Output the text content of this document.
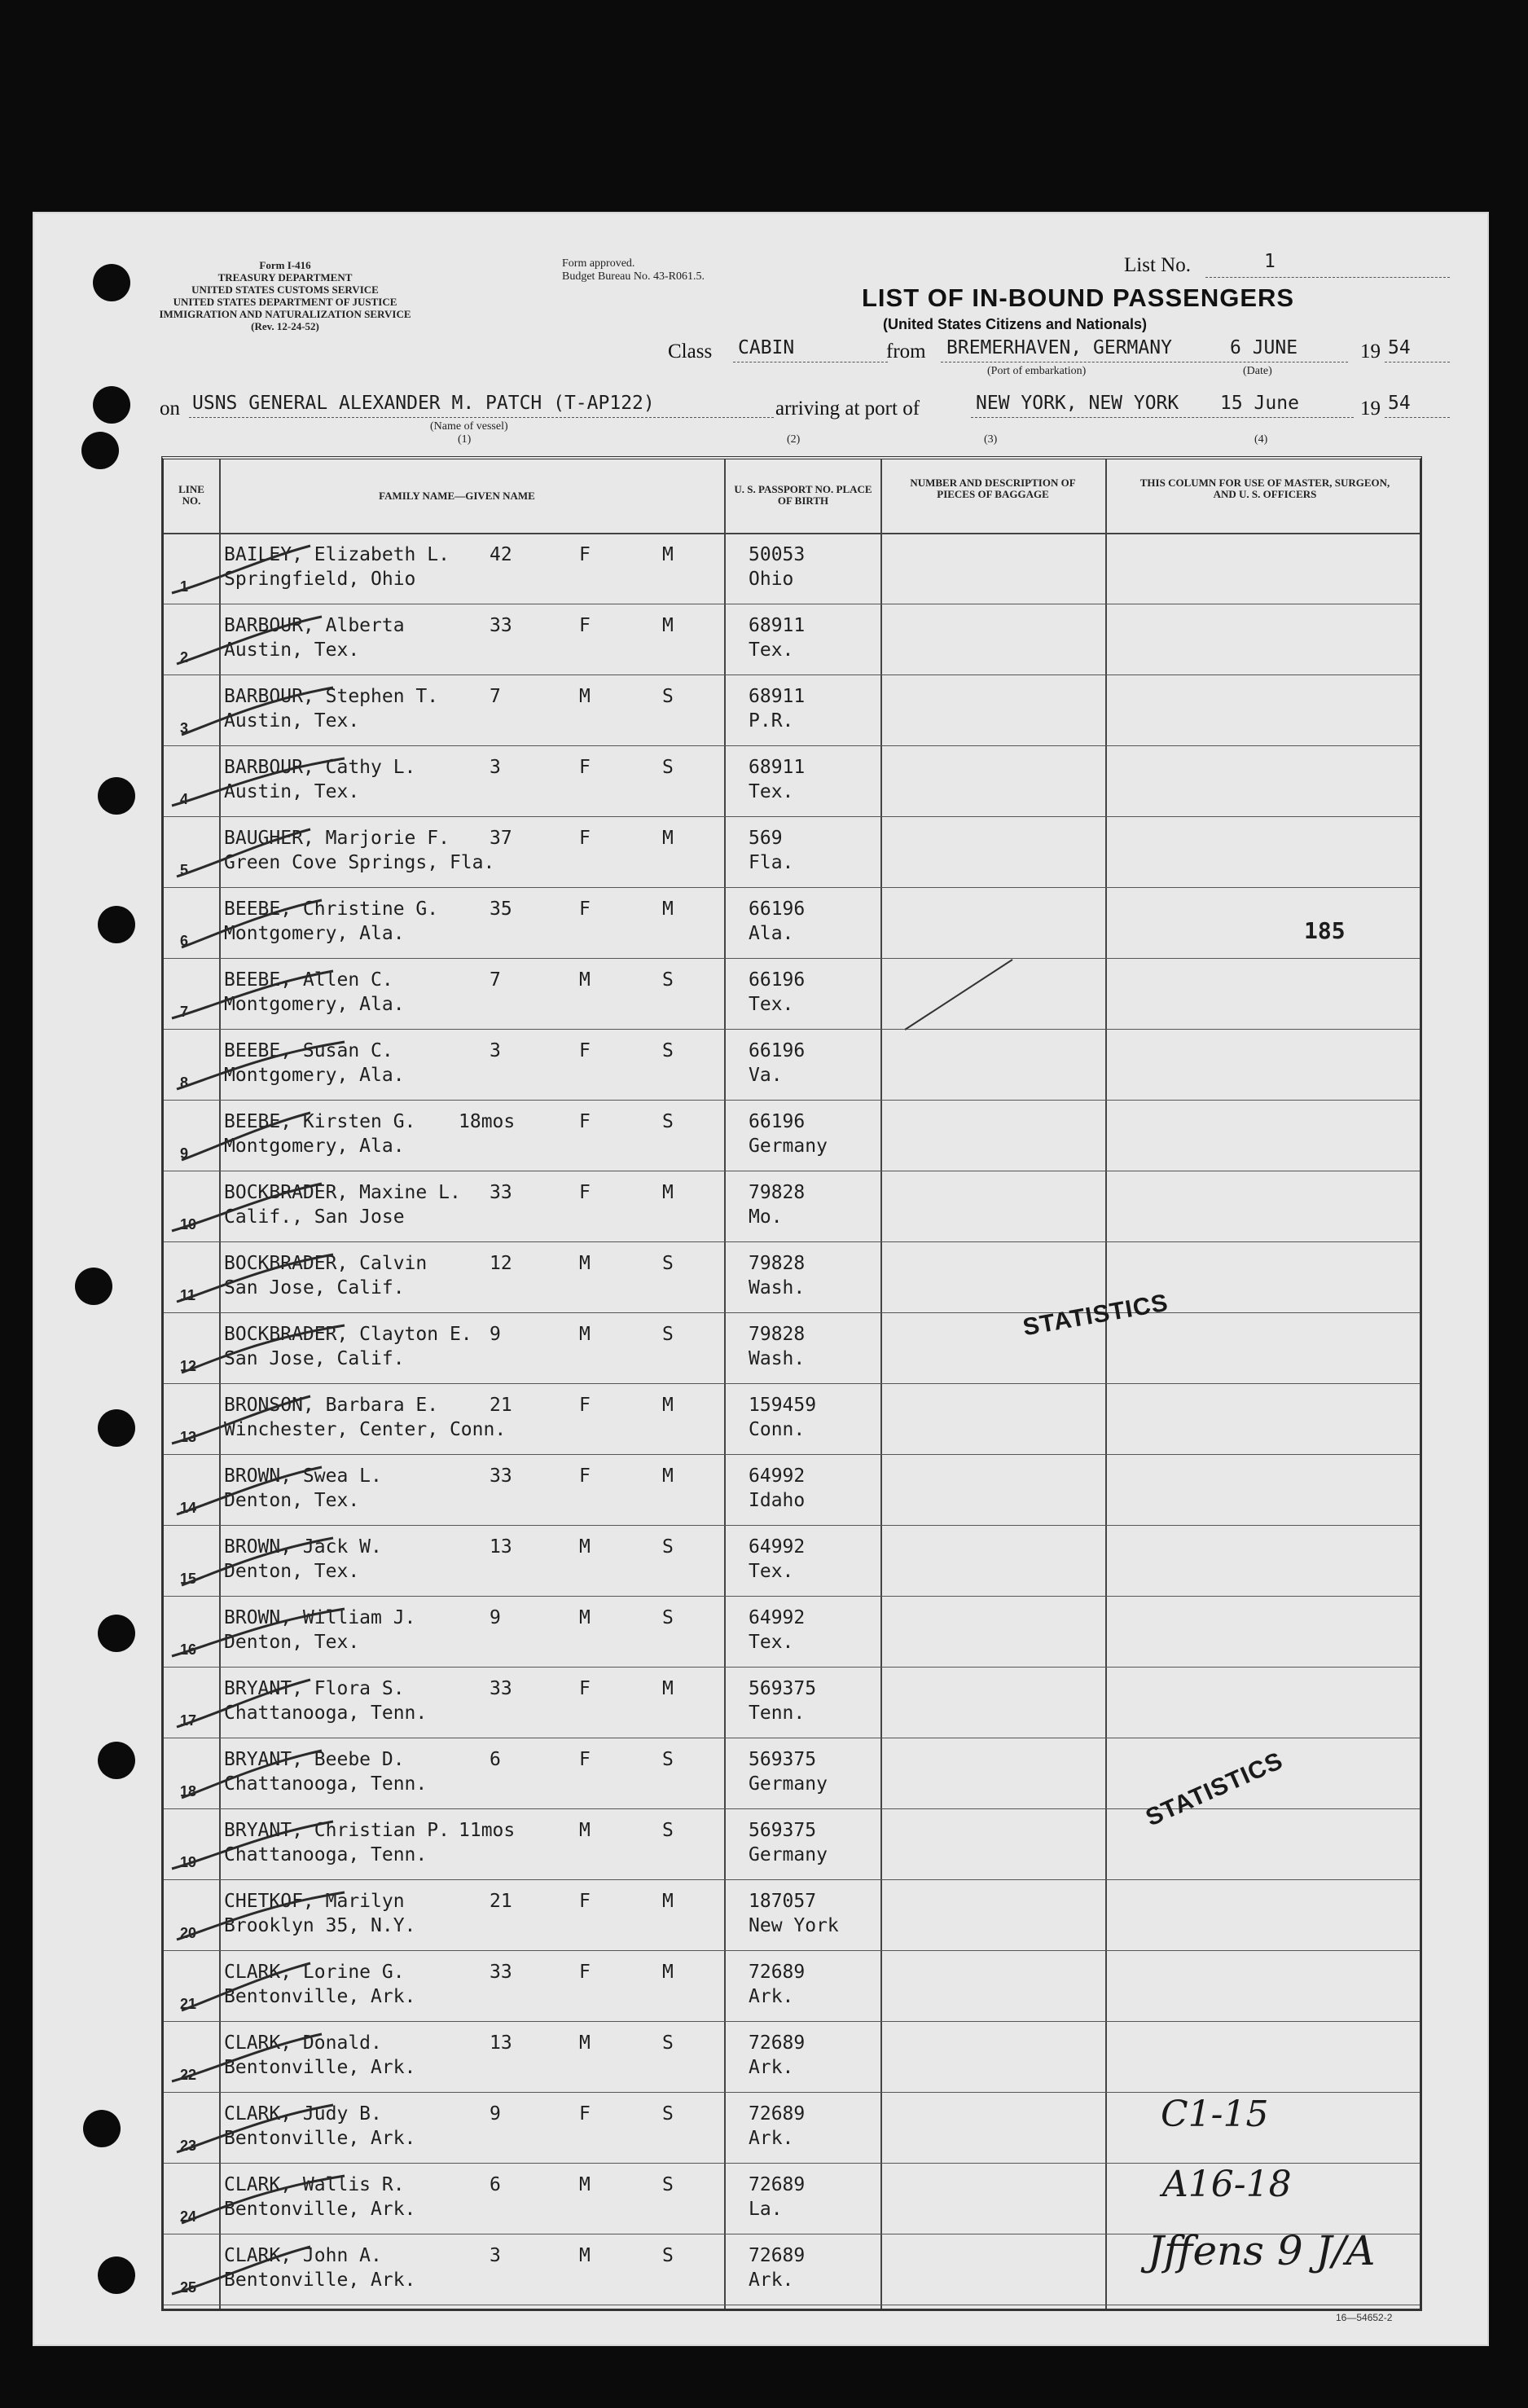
Form I-416
TREASURY DEPARTMENT
UNITED STATES CUSTOMS SERVICE
UNITED STATES DEPARTMENT OF JUSTICE
IMMIGRATION AND NATURALIZATION SERVICE
(Rev. 12-24-52)
Form approved.
Budget Bureau No. 43-R061.5.
LIST OF IN-BOUND PASSENGERS
(United States Citizens and Nationals)
List No.	1
Class CABIN	from BREMERHAVEN, GERMANY	6 JUNE	19 54
(Port of embarkation)	(Date)
on USNS GENERAL ALEXANDER M. PATCH (T-AP122)
(Name of vessel)
(1)
arriving at port of	NEW YORK, NEW YORK 15 June	19 54
(2)	(3)	(4)
LINE NO.	FAMILY NAME—GIVEN NAME
U. S. PASSPORT NO. PLACE OF BIRTH
NUMBER AND DESCRIPTION OF PIECES OF BAGGAGE
THIS COLUMN FOR USE OF MASTER, SURGEON, AND U. S. OFFICERS
1
BAILEY, Elizabeth L.
Springfield, Ohio
42	F	M	50053
Ohio
2
BARBOUR, Alberta
Austin, Tex.
33	F	M	68911
Tex.
3
BARBOUR, Stephen T.
Austin, Tex.
7	M	S	68911
P.R.
4
BARBOUR, Cathy L.
Austin, Tex.
3	F	S	68911
Tex.
5
BAUGHER, Marjorie F.
Green Cove Springs, Fla.
37	F	M	569
Fla.
6
BEEBE, Christine G.
Montgomery, Ala.
35	F	M	66196
Ala.
7
BEEBE, Allen C.
Montgomery, Ala.
7	M	S	66196
Tex.
8
BEEBE, Susan C.
Montgomery, Ala.
3	F	S	66196
Va.
9
BEEBE, Kirsten G.
Montgomery, Ala.
18mos	F	S	66196
Germany
10
BOCKBRADER, Maxine L.
Calif., San Jose
33	F	M	79828
Mo.
11
BOCKBRADER, Calvin
San Jose, Calif.
12	M	S	79828
Wash.
12
BOCKBRADER, Clayton E.
San Jose, Calif.
9	M	S	79828
Wash.
13
BRONSON, Barbara E.
Winchester, Center, Conn.
21	F	M	159459
Conn.
14
BROWN, Swea L.
Denton, Tex.
33	F	M	64992
Idaho
15
BROWN, Jack W.
Denton, Tex.
13	M	S	64992
Tex.
16
BROWN, William J.
Denton, Tex.
9	M	S	64992
Tex.
17
BRYANT, Flora S.
Chattanooga, Tenn.
33	F	M	569375
Tenn.
18
BRYANT, Beebe D.
Chattanooga, Tenn.
6	F	S	569375
Germany
19
BRYANT, Christian P.
Chattanooga, Tenn.
11mos	M	S	569375
Germany
20
CHETKOF, Marilyn
Brooklyn 35, N.Y.
21	F	M	187057
New York
21
CLARK, Lorine G.
Bentonville, Ark.
33	F	M	72689
Ark.
22
CLARK, Donald.
Bentonville, Ark.
13	M	S	72689
Ark.
23
CLARK, Judy B.
Bentonville, Ark.
9	F	S	72689
Ark.
24
CLARK, Wallis R.
Bentonville, Ark.
6	M	S	72689
La.
25
CLARK, John A.
Bentonville, Ark.
3	M	S	72689
Ark.
STATISTICS
STATISTICS
185
C1-15
A16-18
Jffens 9 J/A
16—54652-2
